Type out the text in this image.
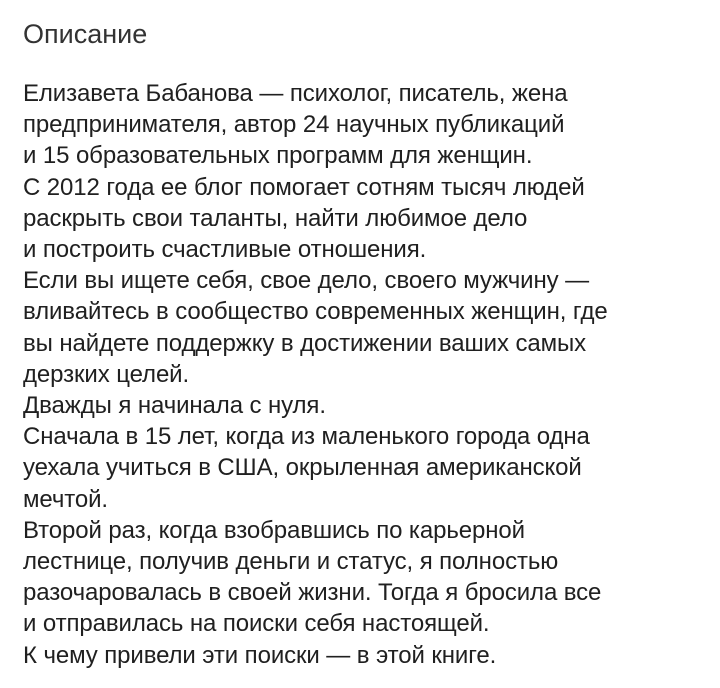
Описание
Елизавета Бабанова — психолог, писатель, жена
предпринимателя, автор 24 научных публикаций
и 15 образовательных программ для женщин.
С 2012 года ее блог помогает сотням тысяч людей
раскрыть свои таланты, найти любимое дело
и построить счастливые отношения.
Если вы ищете себя, свое дело, своего мужчину —
вливайтесь в сообщество современных женщин, где
вы найдете поддержку в достижении ваших самых
дерзких целей.
Дважды я начинала с нуля.
Сначала в 15 лет, когда из маленького города одна
уехала учиться в США, окрыленная американской
мечтой.
Второй раз, когда взобравшись по карьерной
лестнице, получив деньги и статус, я полностью
разочаровалась в своей жизни. Тогда я бросила все
и отправилась на поиски себя настоящей.
К чему привели эти поиски — в этой книге.
